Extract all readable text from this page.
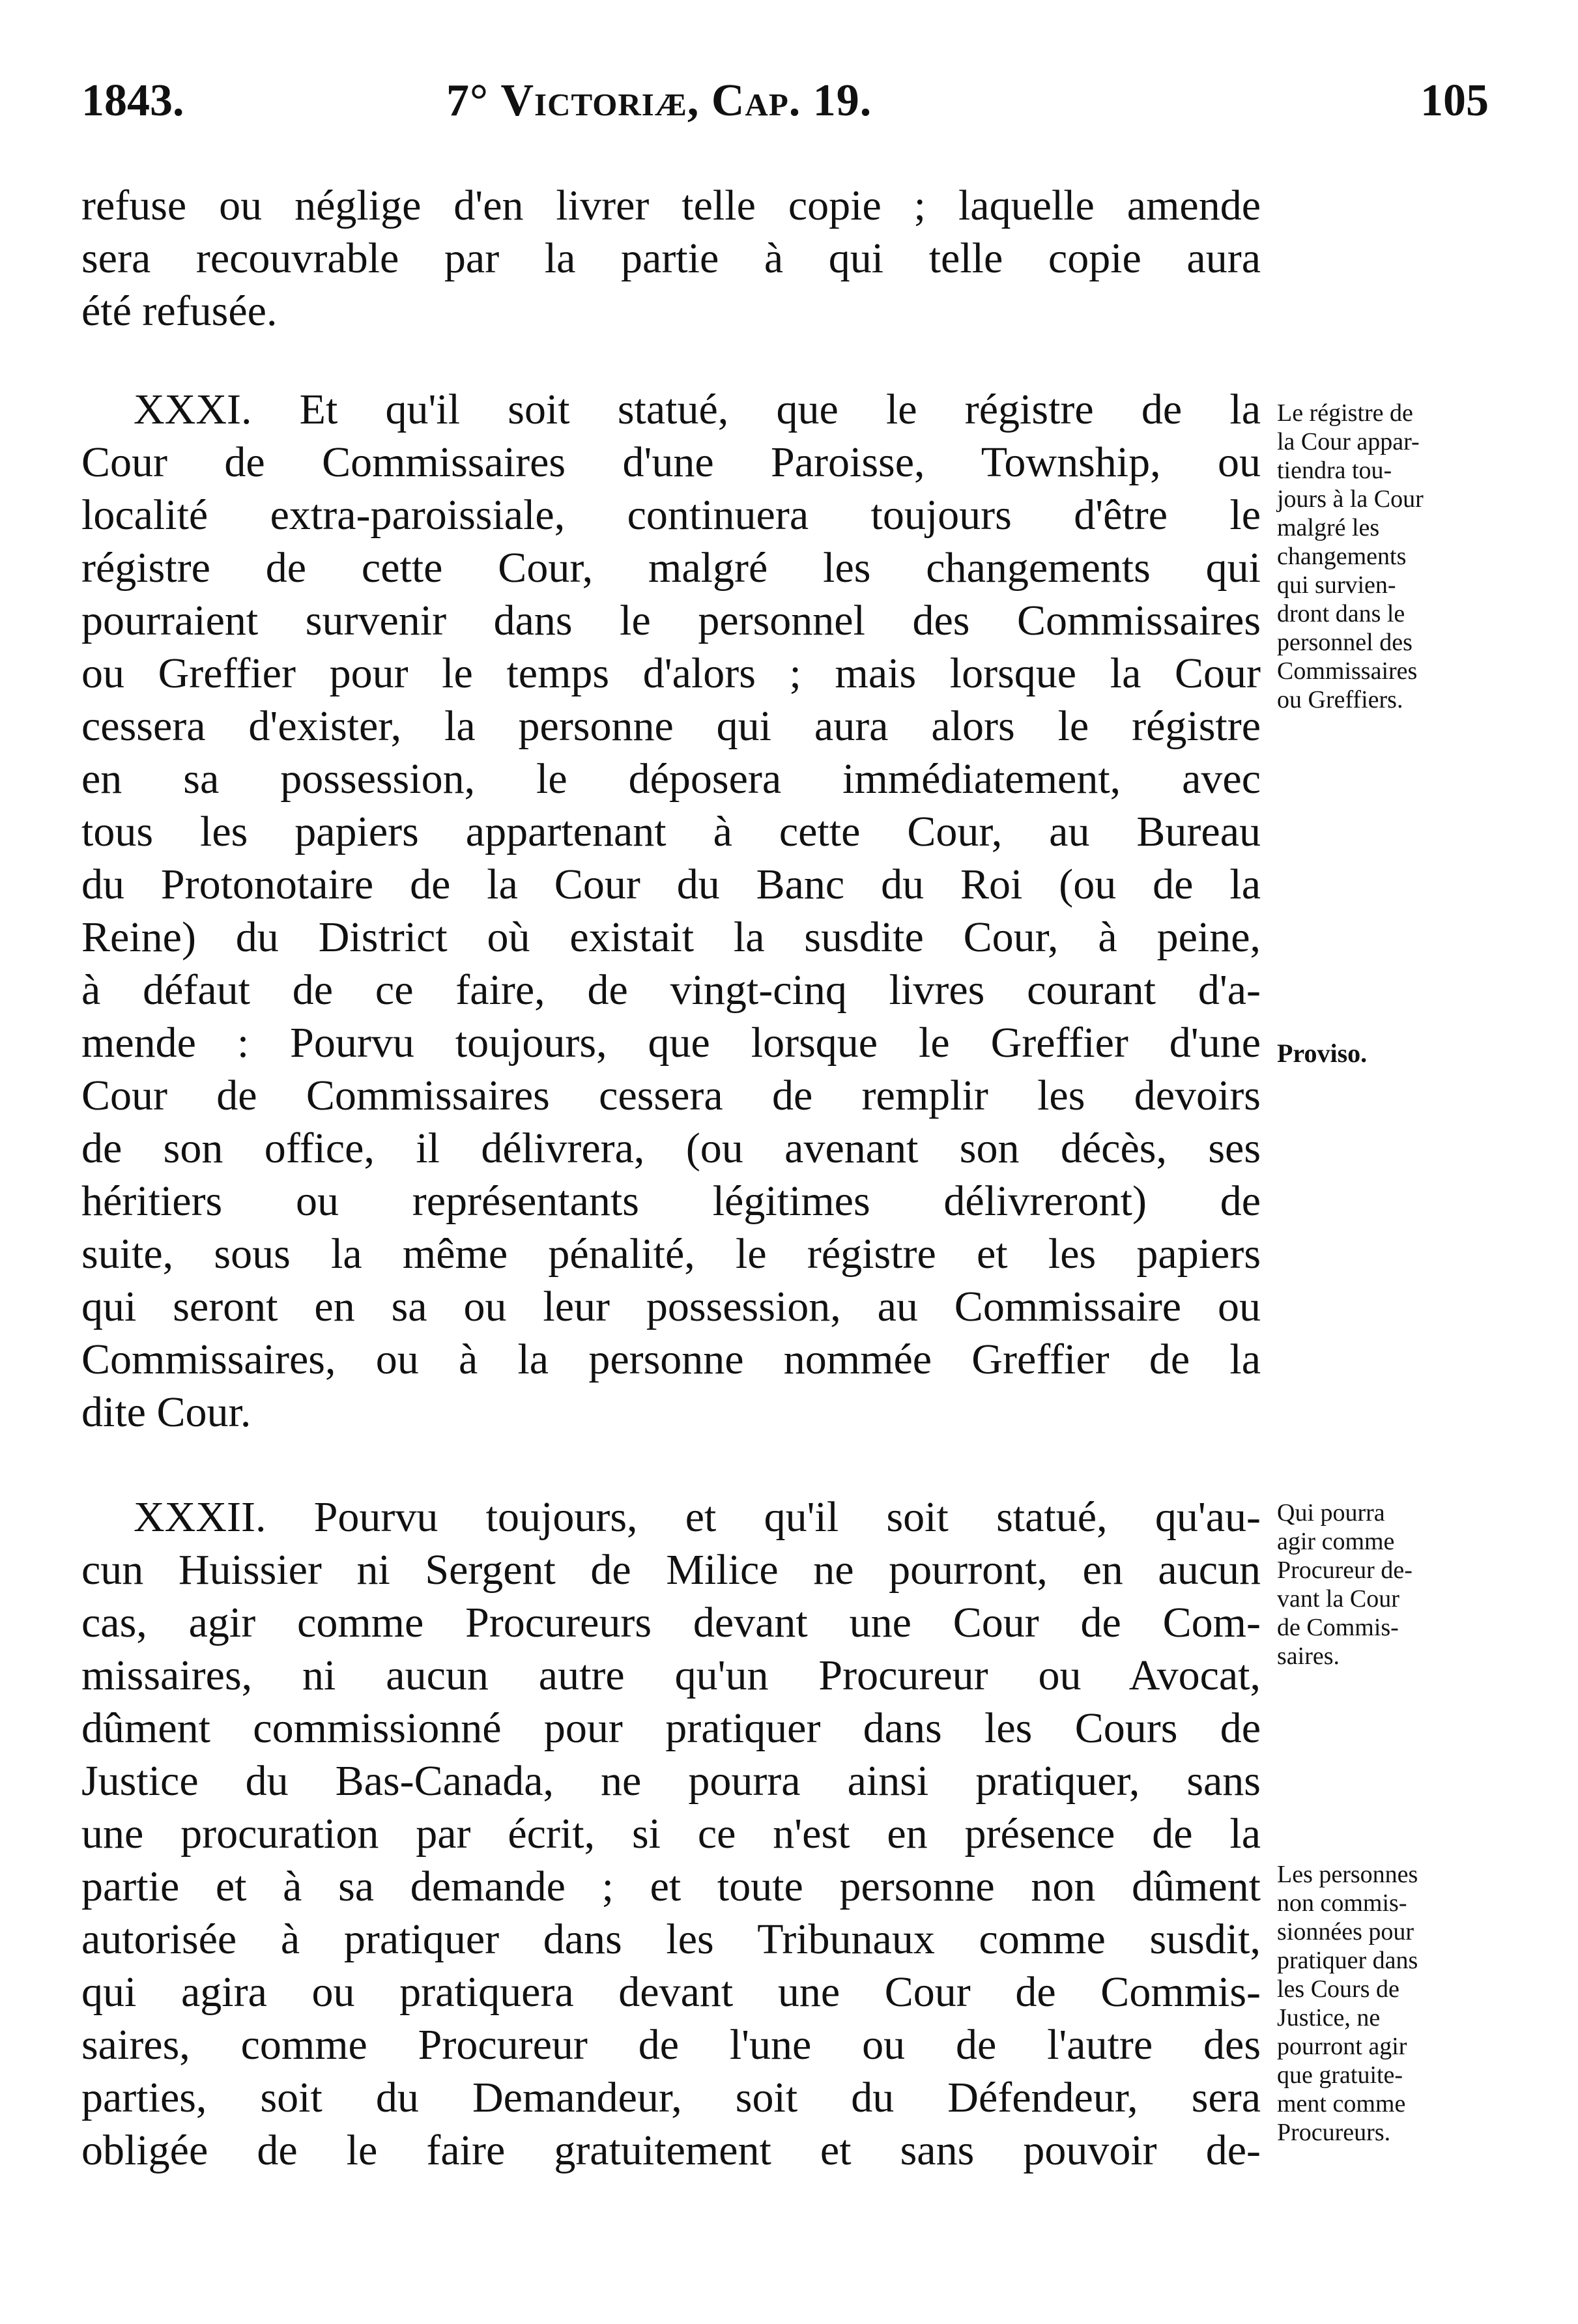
1843.	7° Victoriæ, Cap. 19.	105
refuse ou néglige d'en livrer telle copie ; laquelle amende
sera recouvrable par la partie à qui telle copie aura
été refusée.
XXXI. Et qu'il soit statué, que le régistre de la
Cour de Commissaires d'une Paroisse, Township, ou
localité extra-paroissiale, continuera toujours d'être le
régistre de cette Cour, malgré les changements qui
pourraient survenir dans le personnel des Commissaires
ou Greffier pour le temps d'alors ; mais lorsque la Cour
cessera d'exister, la personne qui aura alors le régistre
en sa possession, le déposera immédiatement, avec
tous les papiers appartenant à cette Cour, au Bureau
du Protonotaire de la Cour du Banc du Roi (ou de la
Reine) du District où existait la susdite Cour, à peine,
à défaut de ce faire, de vingt-cinq livres courant d'a-
mende : Pourvu toujours, que lorsque le Greffier d'une
Cour de Commissaires cessera de remplir les devoirs
de son office, il délivrera, (ou avenant son décès, ses
héritiers ou représentants légitimes délivreront) de
suite, sous la même pénalité, le régistre et les papiers
qui seront en sa ou leur possession, au Commissaire ou
Commissaires, ou à la personne nommée Greffier de la
dite Cour.
XXXII. Pourvu toujours, et qu'il soit statué, qu'au-
cun Huissier ni Sergent de Milice ne pourront, en aucun
cas, agir comme Procureurs devant une Cour de Com-
missaires, ni aucun autre qu'un Procureur ou Avocat,
dûment commissionné pour pratiquer dans les Cours de
Justice du Bas-Canada, ne pourra ainsi pratiquer, sans
une procuration par écrit, si ce n'est en présence de la
partie et à sa demande ; et toute personne non dûment
autorisée à pratiquer dans les Tribunaux comme susdit,
qui agira ou pratiquera devant une Cour de Commis-
saires, comme Procureur de l'une ou de l'autre des
parties, soit du Demandeur, soit du Défendeur, sera
obligée de le faire gratuitement et sans pouvoir de-
Le régistre de
la Cour appar-
tiendra tou-
jours à la Cour
malgré les
changements
qui survien-
dront dans le
personnel des
Commissaires
ou Greffiers.
Proviso.
Qui pourra
agir comme
Procureur de-
vant la Cour
de Commis-
saires.
Les personnes
non commis-
sionnées pour
pratiquer dans
les Cours de
Justice, ne
pourront agir
que gratuite-
ment comme
Procureurs.
